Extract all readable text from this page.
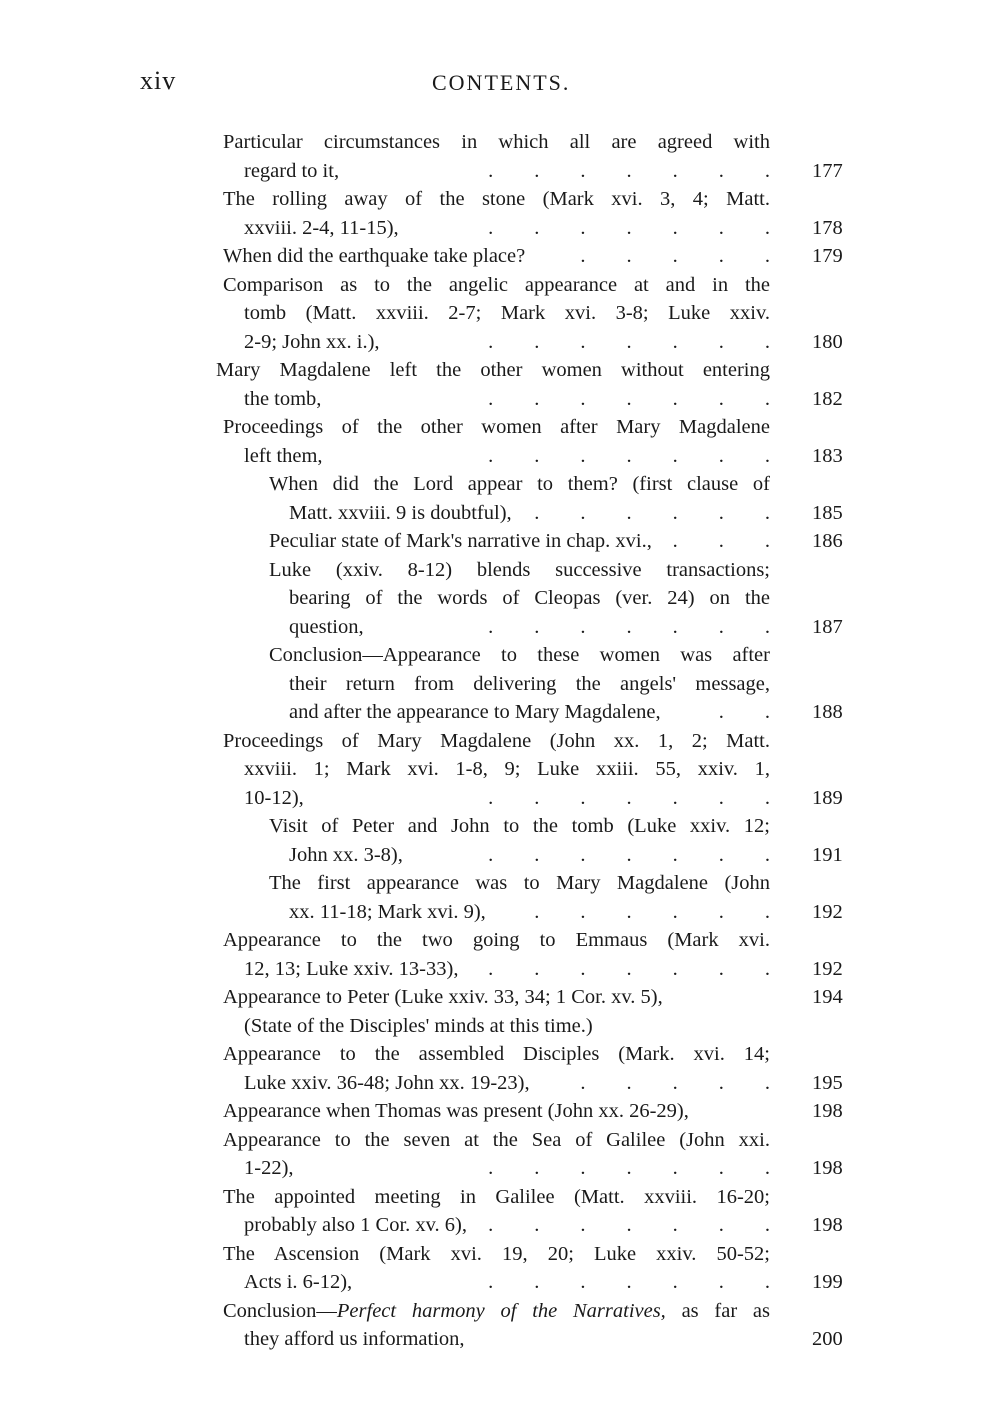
xiv	CONTENTS.
Particular circumstances in which all are agreed with
regard to it,	.  .  .  .  .  .  . 177
The rolling away of the stone (Mark xvi. 3, 4; Matt.
xxviii. 2-4, 11-15),	.  .  .  .  .  .  . 178
When did the earthquake take place?	.  .  .  .  . 179
Comparison as to the angelic appearance at and in the
tomb (Matt. xxviii. 2-7; Mark xvi. 3-8; Luke xxiv.
2-9; John xx. i.),	.  .  .  .  .  .  . 180
Mary Magdalene left the other women without entering
the tomb,	.  .  .  .  .  .  . 182
Proceedings of the other women after Mary Magdalene
left them,	.  .  .  .  .  .  . 183
When did the Lord appear to them? (first clause of
Matt. xxviii. 9 is doubtful), .  .  .  .  .  . 185
Peculiar state of Mark's narrative in chap. xvi., .  .  . 186
Luke (xxiv. 8-12) blends successive transactions;
bearing of the words of Cleopas (ver. 24) on the
question,	.  .  .  .  .  .  . 187
Conclusion—Appearance to these women was after
their return from delivering the angels' message,
and after the appearance to Mary Magdalene,	.  . 188
Proceedings of Mary Magdalene (John xx. 1, 2; Matt.
xxviii. 1; Mark xvi. 1-8, 9; Luke xxiii. 55, xxiv. 1,
10-12),	.  .  .  .  .  .  . 189
Visit of Peter and John to the tomb (Luke xxiv. 12;
John xx. 3-8),	.  .  .  .  .  .  . 191
The first appearance was to Mary Magdalene (John
xx. 11-18; Mark xvi. 9), .  .  .  .  .  . 192
Appearance to the two going to Emmaus (Mark xvi.
12, 13; Luke xxiv. 13-33), .  .  .  .  .  .  . 192
Appearance to Peter (Luke xxiv. 33, 34; 1 Cor. xv. 5),	194
(State of the Disciples' minds at this time.)
Appearance to the assembled Disciples (Mark. xvi. 14;
Luke xxiv. 36-48; John xx. 19-23), .  .  .  .  . 195
Appearance when Thomas was present (John xx. 26-29),	198
Appearance to the seven at the Sea of Galilee (John xxi.
1-22),	.  .  .  .  .  .  . 198
The appointed meeting in Galilee (Matt. xxviii. 16-20;
probably also 1 Cor. xv. 6), .  .  .  .  .  .  . 198
The Ascension (Mark xvi. 19, 20; Luke xxiv. 50-52;
Acts i. 6-12),	.  .  .  .  .  .  . 199
Conclusion—Perfect harmony of the Narratives, as far as
they afford us information,	200
